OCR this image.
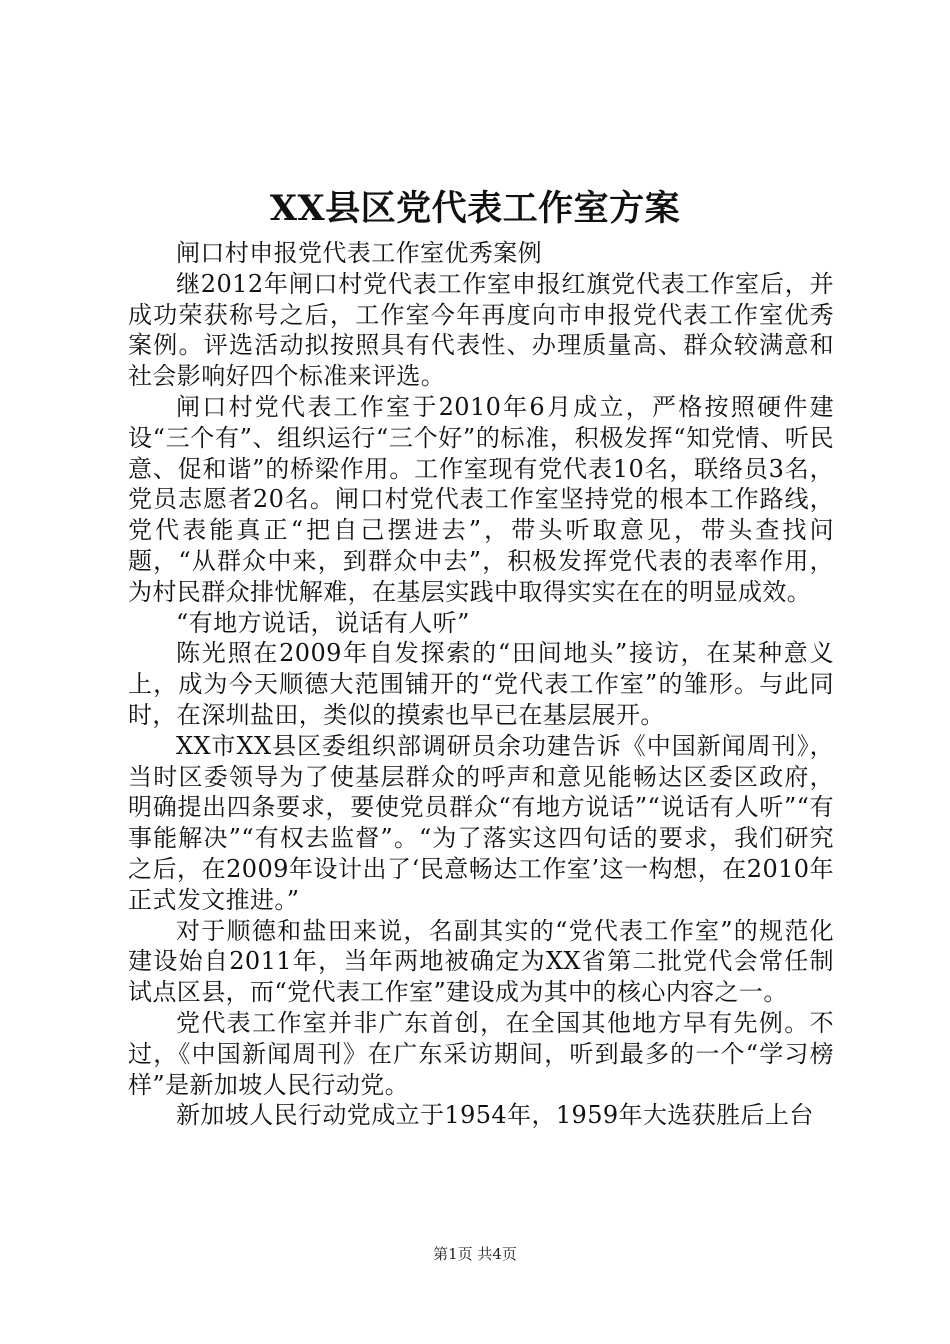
XX县区党代表工作室方案

闸口村申报党代表工作室优秀案例

继2012年闸口村党代表工作室申报红旗党代表工作室后，并成功荣获称号之后，工作室今年再度向市申报党代表工作室优秀案例。评选活动拟按照具有代表性、办理质量高、群众较满意和社会影响好四个标准来评选。

闸口村党代表工作室于2010年6月成立，严格按照硬件建设“三个有”、组织运行“三个好”的标准，积极发挥“知党情、听民意、促和谐”的桥梁作用。工作室现有党代表10名，联络员3名，党员志愿者20名。闸口村党代表工作室坚持党的根本工作路线，党代表能真正“把自己摆进去”，带头听取意见，带头查找问题，“从群众中来，到群众中去”，积极发挥党代表的表率作用，为村民群众排忧解难，在基层实践中取得实实在在的明显成效。

“有地方说话，说话有人听”

陈光照在2009年自发探索的“田间地头”接访，在某种意义上，成为今天顺德大范围铺开的“党代表工作室”的雏形。与此同时，在深圳盐田，类似的摸索也早已在基层展开。

XX市XX县区委组织部调研员余功建告诉《中国新闻周刊》，当时区委领导为了使基层群众的呼声和意见能畅达区委区政府，明确提出四条要求，要使党员群众“有地方说话”“说话有人听”“有事能解决”“有权去监督”。“为了落实这四句话的要求，我们研究之后，在2009年设计出了‘民意畅达工作室’这一构想，在2010年正式发文推进。”

对于顺德和盐田来说，名副其实的“党代表工作室”的规范化建设始自2011年，当年两地被确定为XX省第二批党代会常任制试点区县，而“党代表工作室”建设成为其中的核心内容之一。

党代表工作室并非广东首创，在全国其他地方早有先例。不过，《中国新闻周刊》在广东采访期间，听到最多的一个“学习榜样”是新加坡人民行动党。

新加坡人民行动党成立于1954年，1959年大选获胜后上台

第1页 共4页
